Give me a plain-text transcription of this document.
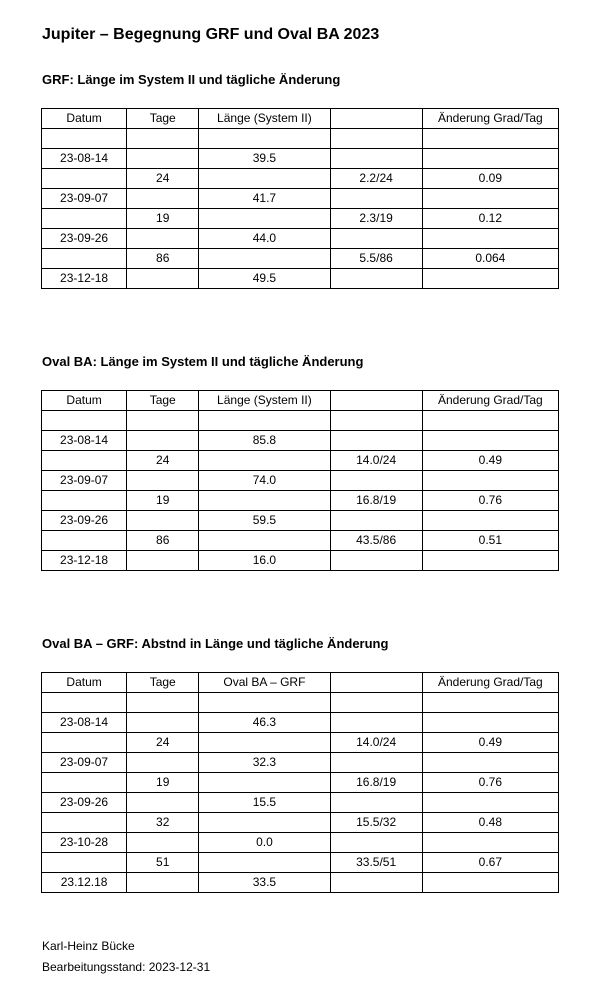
Jupiter – Begegnung GRF und Oval BA 2023
GRF: Länge im System II und tägliche Änderung
Datum	Tage	Länge (System II)		Änderung Grad/Tag

23-08-14		39.5		
	24		2.2/24	0.09
23-09-07		41.7		
	19		2.3/19	0.12
23-09-26		44.0		
	86		5.5/86	0.064
23-12-18		49.5		
Oval BA: Länge im System II und tägliche Änderung
Datum	Tage	Länge (System II)		Änderung Grad/Tag

23-08-14		85.8		
	24		14.0/24	0.49
23-09-07		74.0		
	19		16.8/19	0.76
23-09-26		59.5		
	86		43.5/86	0.51
23-12-18		16.0		
Oval BA – GRF: Abstnd in Länge und tägliche Änderung
Datum	Tage	Oval BA – GRF		Änderung Grad/Tag

23-08-14		46.3		
	24		14.0/24	0.49
23-09-07		32.3		
	19		16.8/19	0.76
23-09-26		15.5		
	32		15.5/32	0.48
23-10-28		0.0		
	51		33.5/51	0.67
23.12.18		33.5		

Karl-Heinz Bücke

Bearbeitungsstand: 2023-12-31
